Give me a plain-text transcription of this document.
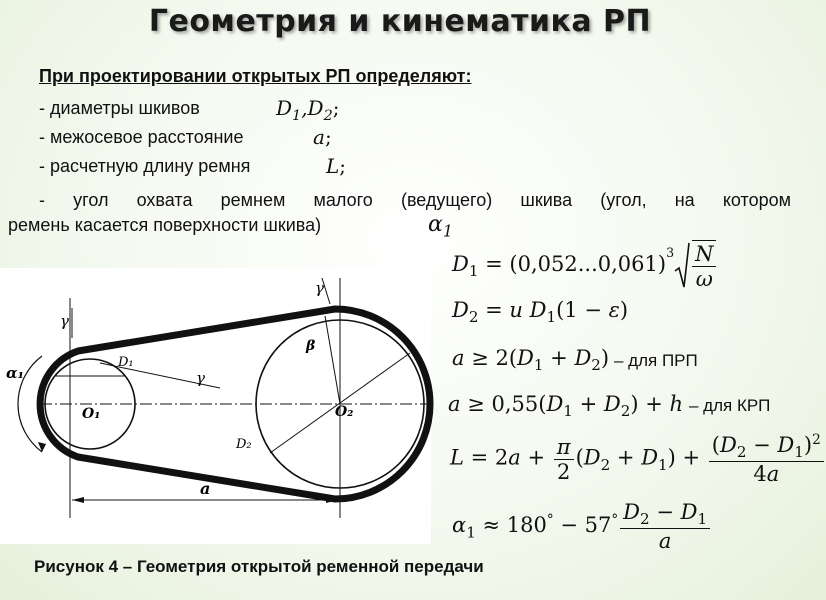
Геометрия и кинематика РП
При проектировании открытых РП определяют:
- диаметры шкивов	$D_1,D_2$;
- межосевое расстояние	a;
- расчетную длину ремня	L;
- угол охвата ремнем малого (ведущего) шкива (угол, на котором
ремень касается поверхности шкива)	$\alpha_1$
$D_1 = (0,052...0,061)^3 \frac{N}{\omega}$
$D_2 = u$ $D_1(1 - \varepsilon)$
$a \ge 2(D_1 + D_2)$ – для ПРП
$a \ge 0,55(D_1 + D_2) + h$ – для КРП
$L = 2a + \frac{\pi}{2} (D_2 + D_1) + \frac{(D_2 - D_1)^2}{4a}$
$\alpha_1 \approx 180^\circ - 57^\circ \frac{D_2 - D_1}{a}$
γ
α₁
D₁
O₁
γ
γ
β
D₂
O₂
a
Рисунок 4 – Геометрия открытой ременной передачи
